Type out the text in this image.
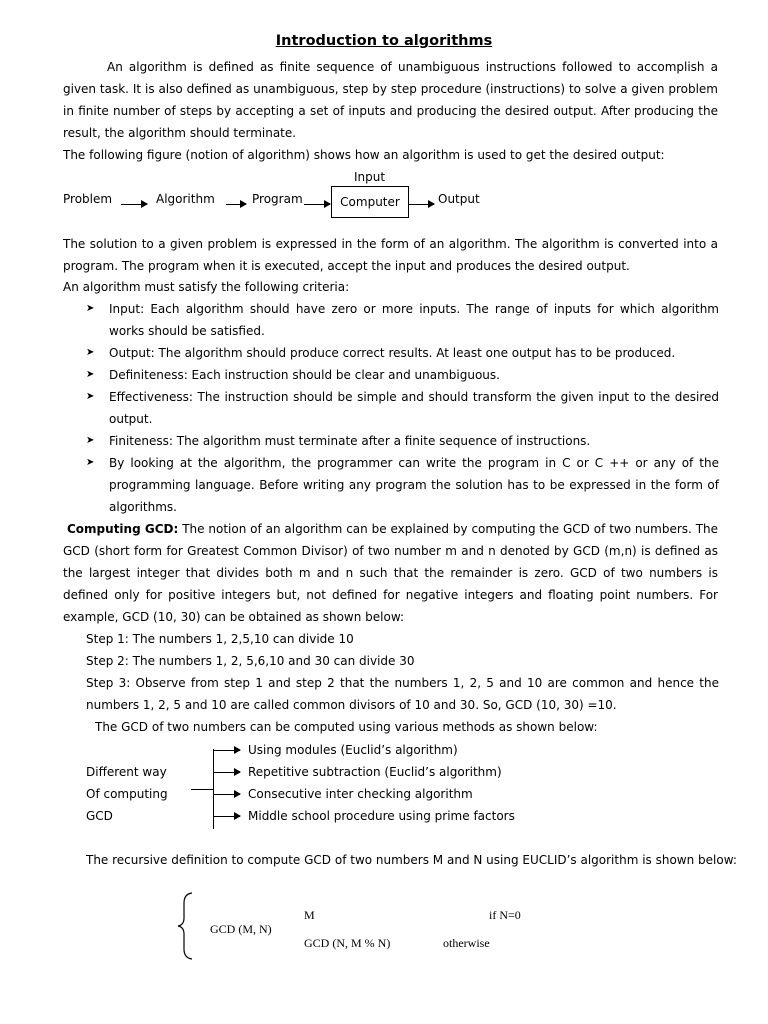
Introduction to algorithms
An algorithm is defined as finite sequence of unambiguous instructions followed to accomplish a given task. It is also defined as unambiguous, step by step procedure (instructions) to solve a given problem in finite number of steps by accepting a set of inputs and producing the desired output. After producing the result, the algorithm should terminate.
The following figure (notion of algorithm) shows how an algorithm is used to get the desired output:
Input
Problem	Algorithm	Program	Computer	Output
The solution to a given problem is expressed in the form of an algorithm. The algorithm is converted into a program. The program when it is executed, accept the input and produces the desired output.
An algorithm must satisfy the following criteria:
➤ Input: Each algorithm should have zero or more inputs. The range of inputs for which algorithm works should be satisfied.
➤ Output: The algorithm should produce correct results. At least one output has to be produced.
➤ Definiteness: Each instruction should be clear and unambiguous.
➤ Effectiveness: The instruction should be simple and should transform the given input to the desired output.
➤ Finiteness: The algorithm must terminate after a finite sequence of instructions.
➤ By looking at the algorithm, the programmer can write the program in C or C ++ or any of the programming language. Before writing any program the solution has to be expressed in the form of algorithms.
Computing GCD: The notion of an algorithm can be explained by computing the GCD of two numbers. The GCD (short form for Greatest Common Divisor) of two number m and n denoted by GCD (m,n) is defined as the largest integer that divides both m and n such that the remainder is zero. GCD of two numbers is defined only for positive integers but, not defined for negative integers and floating point numbers. For example, GCD (10, 30) can be obtained as shown below:
Step 1: The numbers 1, 2,5,10 can divide 10
Step 2: The numbers 1, 2, 5,6,10 and 30 can divide 30
Step 3: Observe from step 1 and step 2 that the numbers 1, 2, 5 and 10 are common and hence the numbers 1, 2, 5 and 10 are called common divisors of 10 and 30. So, GCD (10, 30) =10.
The GCD of two numbers can be computed using various methods as shown below:
Different way
Of computing
GCD
Using modules (Euclid’s algorithm)
Repetitive subtraction (Euclid’s algorithm)
Consecutive inter checking algorithm
Middle school procedure using prime factors
The recursive definition to compute GCD of two numbers M and N using EUCLID’s algorithm is shown below:
GCD (M, N)
M	if N=0
GCD (N, M % N)	otherwise
